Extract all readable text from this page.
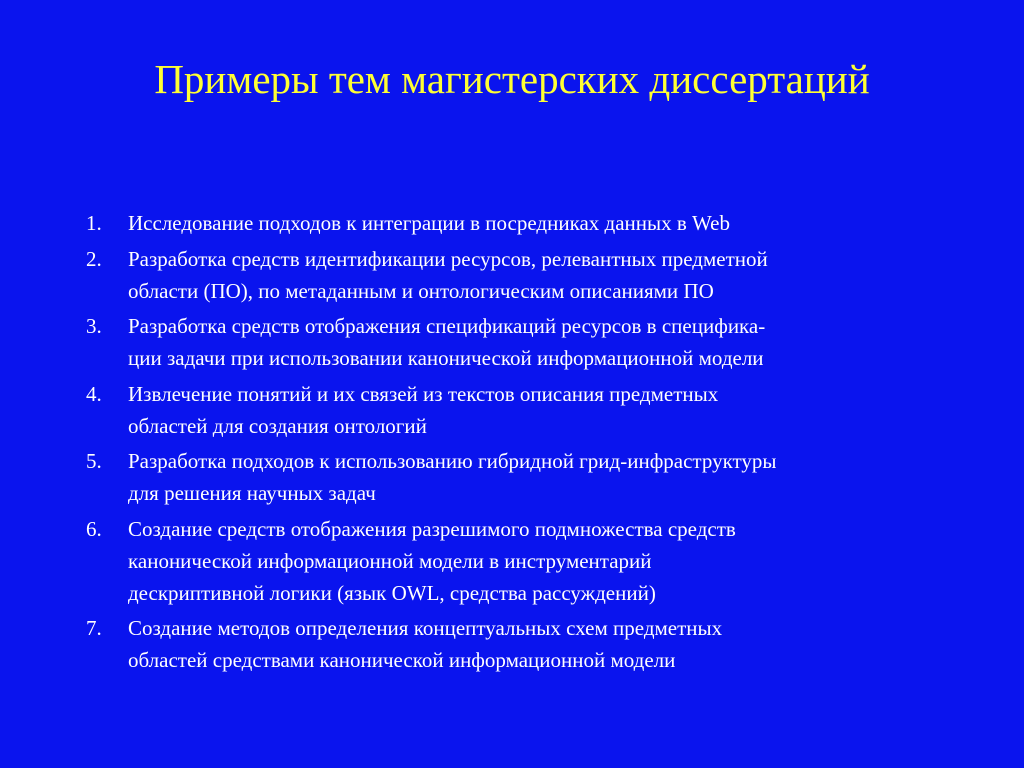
Примеры тем магистерских диссертаций
1.	Исследование подходов к интеграции в посредниках данных в Web
2.	Разработка средств идентификации ресурсов, релевантных предметной
области (ПО), по метаданным и онтологическим описаниями ПО
3.	Разработка средств отображения спецификаций ресурсов в специфика-
ции задачи при использовании канонической информационной модели
4.	Извлечение понятий и их связей из текстов описания предметных
областей для создания онтологий
5.	Разработка подходов к использованию гибридной грид-инфраструктуры
для решения научных задач
6.	Создание средств отображения разрешимого подмножества средств
канонической информационной модели в инструментарий
дескриптивной логики (язык OWL, средства рассуждений)
7.	Создание методов определения концептуальных схем предметных
областей средствами канонической информационной модели
